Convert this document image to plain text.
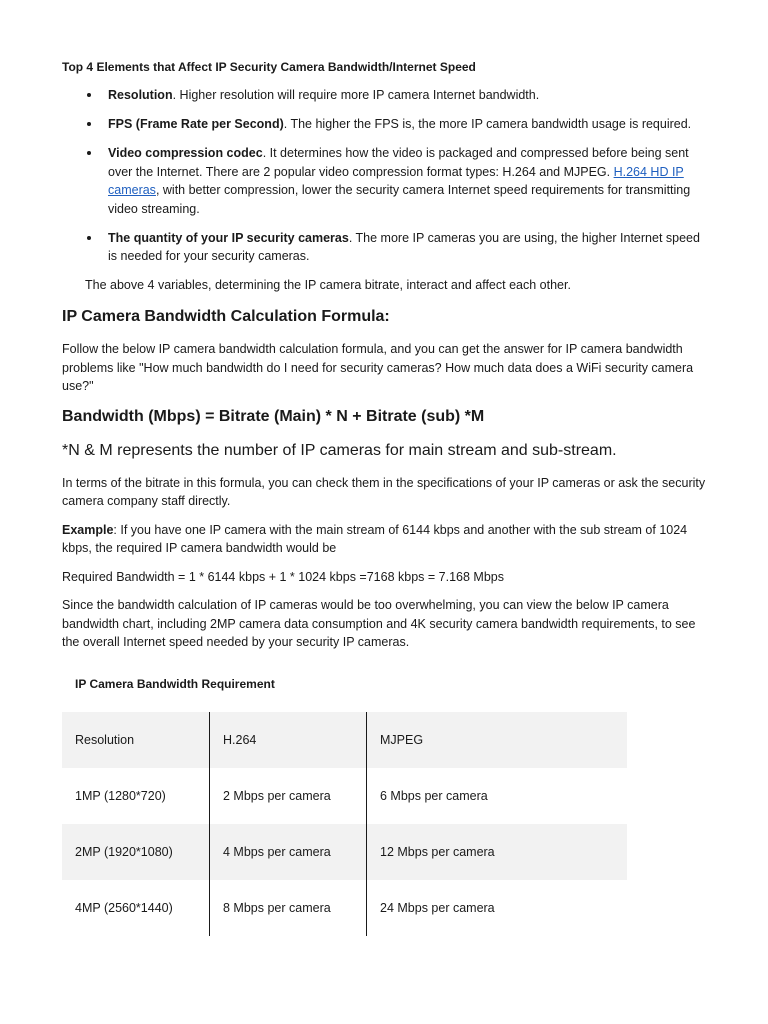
Top 4 Elements that Affect IP Security Camera Bandwidth/Internet Speed
Resolution. Higher resolution will require more IP camera Internet bandwidth.
FPS (Frame Rate per Second). The higher the FPS is, the more IP camera bandwidth usage is required.
Video compression codec. It determines how the video is packaged and compressed before being sent over the Internet. There are 2 popular video compression format types: H.264 and MJPEG. H.264 HD IP cameras, with better compression, lower the security camera Internet speed requirements for transmitting video streaming.
The quantity of your IP security cameras. The more IP cameras you are using, the higher Internet speed is needed for your security cameras.
The above 4 variables, determining the IP camera bitrate, interact and affect each other.
IP Camera Bandwidth Calculation Formula:

Follow the below IP camera bandwidth calculation formula, and you can get the answer for IP camera bandwidth problems like "How much bandwidth do I need for security cameras? How much data does a WiFi security camera use?"

Bandwidth (Mbps) = Bitrate (Main) * N + Bitrate (sub) *M
*N & M represents the number of IP cameras for main stream and sub-stream.

In terms of the bitrate in this formula, you can check them in the specifications of your IP cameras or ask the security camera company staff directly.

Example: If you have one IP camera with the main stream of 6144 kbps and another with the sub stream of 1024 kbps, the required IP camera bandwidth would be

Required Bandwidth = 1 * 6144 kbps + 1 * 1024 kbps =7168 kbps = 7.168 Mbps

Since the bandwidth calculation of IP cameras would be too overwhelming, you can view the below IP camera bandwidth chart, including 2MP camera data consumption and 4K security camera bandwidth requirements, to see the overall Internet speed needed by your security IP cameras.

IP Camera Bandwidth Requirement
Resolution	H.264	MJPEG
1MP (1280*720)	2 Mbps per camera	6 Mbps per camera
2MP (1920*1080)	4 Mbps per camera	12 Mbps per camera
4MP (2560*1440)	8 Mbps per camera	24 Mbps per camera
